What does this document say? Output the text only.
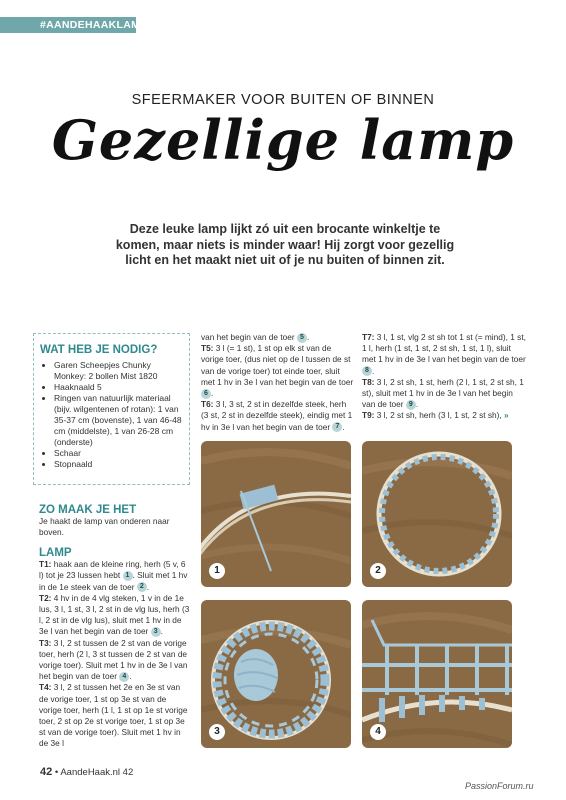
#AANDEHAAKLAMP
SFEERMAKER VOOR BUITEN OF BINNEN
Gezellige lamp
Deze leuke lamp lijkt zó uit een brocante winkeltje te komen, maar niets is minder waar! Hij zorgt voor gezellig licht en het maakt niet uit of je nu buiten of binnen zit.
WAT HEB JE NODIG?
• Garen Scheepjes Chunky Monkey: 2 bollen Mist 1820
• Haaknaald 5
• Ringen van natuurlijk materiaal (bijv. wilgentenen of rotan): 1 van 35-37 cm (bovenste), 1 van 46-48 cm (middelste), 1 van 26-28 cm (onderste)
• Schaar
• Stopnaald
ZO MAAK JE HET

Je haakt de lamp van onderen naar boven.

LAMP

T1: haak aan de kleine ring, herh (5 v, 6 l) tot je 23 lussen hebt 1 . Sluit met 1 hv in de 1e steek van de toer 2 .

T2: 4 hv in de 4 vlg steken, 1 v in de 1e lus, 3 l, 1 st, 3 l, 2 st in de vlg lus, herh (3 l, 2 st in de vlg lus), sluit met 1 hv in de 3e l van het begin van de toer 3 .

T3: 3 l, 2 st tussen de 2 st van de vorige toer, herh (2 l, 3 st tussen de 2 st van de vorige toer). Sluit met 1 hv in de 3e l van het begin van de toer 4 .

T4: 3 l, 2 st tussen het 2e en 3e st van de vorige toer, 1 st op 3e st van de vorige toer, herh (1 l, 1 st op 1e st vorige toer, 2 st op 2e st vorige toer, 1 st op 3e st van de vorige toer). Sluit met 1 hv in de 3e l

van het begin van de toer 5 .

T5: 3 l (= 1 st), 1 st op elk st van de vorige toer, (dus niet op de l tussen de st van de vorige toer) tot einde toer, sluit met 1 hv in 3e l van het begin van de toer 6 .

T6: 3 l, 3 st, 2 st in dezelfde steek, herh (3 st, 2 st in dezelfde steek), eindig met 1 hv in 3e l van het begin van de toer 7 .

T7: 3 l, 1 st, vlg 2 st sh tot 1 st (= mind), 1 st, 1 l, herh (1 st, 1 st, 2 st sh, 1 st, 1 l), sluit met 1 hv in de 3e l van het begin van de toer 8 .

T8: 3 l, 2 st sh, 1 st, herh (2 l, 1 st, 2 st sh, 1 st), sluit met 1 hv in de 3e l van het begin van de toer 9 .

T9: 3 l, 2 st sh, herh (3 l, 1 st, 2 st sh), »

1	2
3	4
42 • AandeHaak.nl 42
PassionForum.ru
